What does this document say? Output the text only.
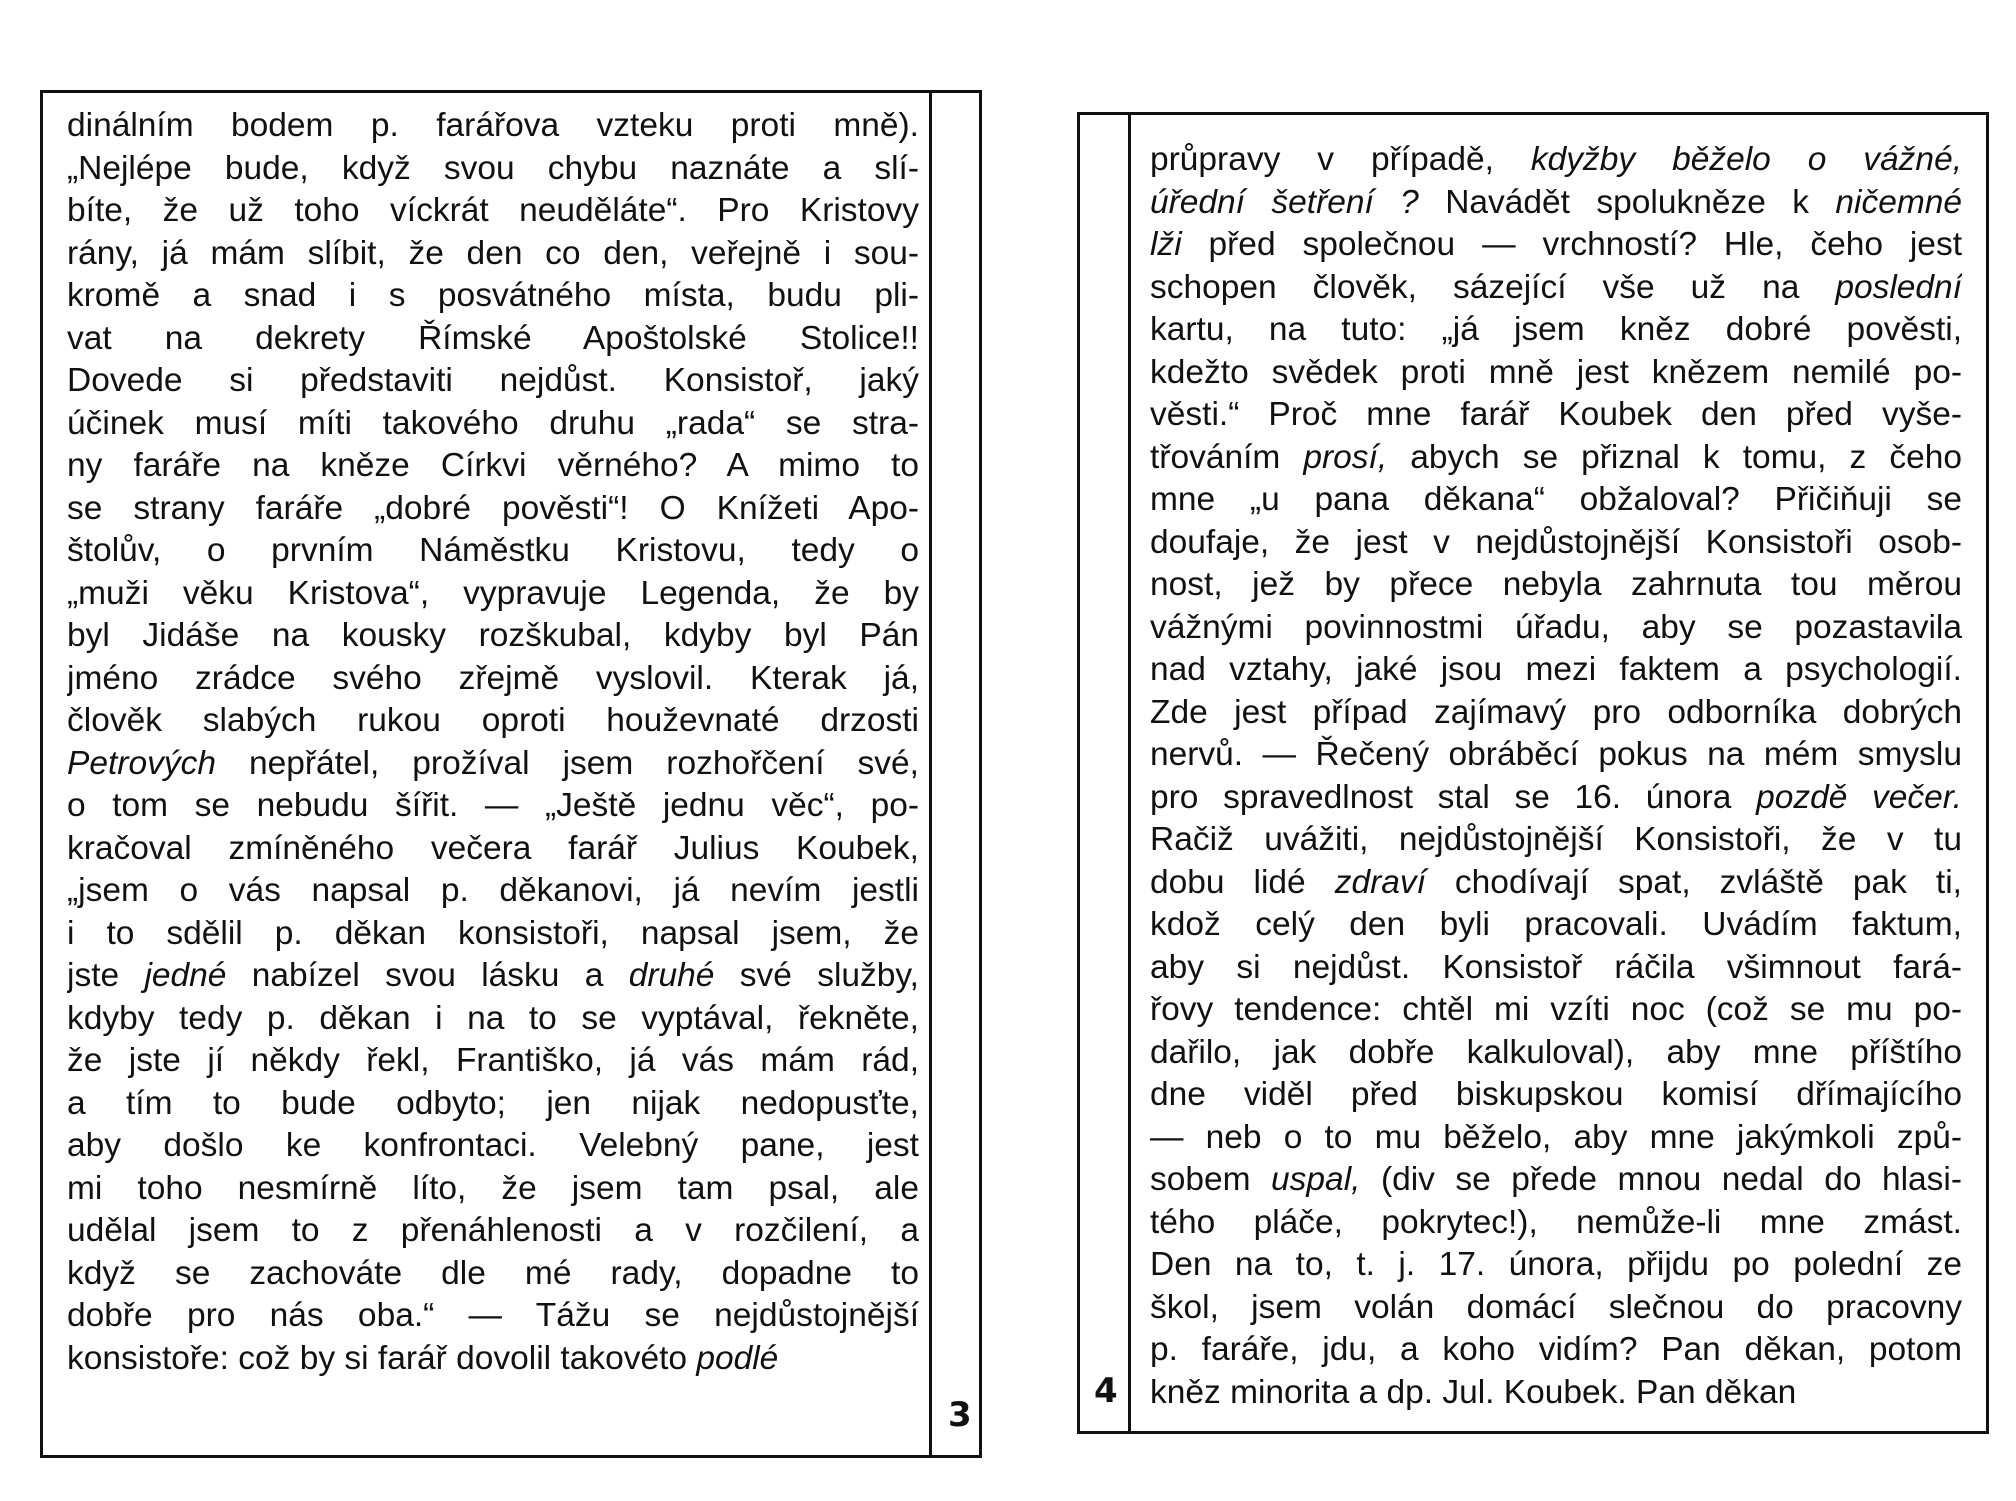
dinálním bodem p. farářova vzteku proti mně).
„Nejlépe bude, když svou chybu naznáte a slí-
bíte, že už toho víckrát neuděláte“. Pro Kristovy
rány, já mám slíbit, že den co den, veřejně i sou-
kromě a snad i s posvátného místa, budu pli-
vat na dekrety Římské Apoštolské Stolice!!
Dovede si představiti nejdůst. Konsistoř, jaký
účinek musí míti takového druhu „rada“ se stra-
ny faráře na kněze Církvi věrného? A mimo to
se strany faráře „dobré pověsti“! O Knížeti Apo-
štolův, o prvním Náměstku Kristovu, tedy o
„muži věku Kristova“, vypravuje Legenda, že by
byl Jidáše na kousky rozškubal, kdyby byl Pán
jméno zrádce svého zřejmě vyslovil. Kterak já,
člověk slabých rukou oproti houževnaté drzosti
Petrových nepřátel, prožíval jsem rozhořčení své,
o tom se nebudu šířit. — „Ještě jednu věc“, po-
kračoval zmíněného večera farář Julius Koubek,
„jsem o vás napsal p. děkanovi, já nevím jestli
i to sdělil p. děkan konsistoři, napsal jsem, že
jste jedné nabízel svou lásku a druhé své služby,
kdyby tedy p. děkan i na to se vyptával, řekněte,
že jste jí někdy řekl, Františko, já vás mám rád,
a tím to bude odbyto; jen nijak nedopusťte,
aby došlo ke konfrontaci. Velebný pane, jest
mi toho nesmírně líto, že jsem tam psal, ale
udělal jsem to z přenáhlenosti a v rozčilení, a
když se zachováte dle mé rady, dopadne to
dobře pro nás oba.“ — Tážu se nejdůstojnější
konsistoře: což by si farář dovolil takovéto podlé
3
4
průpravy v případě, kdyžby běželo o vážné,
úřední šetření ? Navádět spolukněze k ničemné
lži před společnou — vrchností? Hle, čeho jest
schopen člověk, sázející vše už na poslední
kartu, na tuto: „já jsem kněz dobré pověsti,
kdežto svědek proti mně jest knězem nemilé po-
věsti.“ Proč mne farář Koubek den před vyše-
třováním prosí, abych se přiznal k tomu, z čeho
mne „u pana děkana“ obžaloval? Přičiňuji se
doufaje, že jest v nejdůstojnější Konsistoři osob-
nost, jež by přece nebyla zahrnuta tou měrou
vážnými povinnostmi úřadu, aby se pozastavila
nad vztahy, jaké jsou mezi faktem a psychologií.
Zde jest případ zajímavý pro odborníka dobrých
nervů. — Řečený obráběcí pokus na mém smyslu
pro spravedlnost stal se 16. února pozdě večer.
Račiž uvážiti, nejdůstojnější Konsistoři, že v tu
dobu lidé zdraví chodívají spat, zvláště pak ti,
kdož celý den byli pracovali. Uvádím faktum,
aby si nejdůst. Konsistoř ráčila všimnout fará-
řovy tendence: chtěl mi vzíti noc (což se mu po-
dařilo, jak dobře kalkuloval), aby mne příštího
dne viděl před biskupskou komisí dřímajícího
— neb o to mu běželo, aby mne jakýmkoli způ-
sobem uspal, (div se přede mnou nedal do hlasi-
tého pláče, pokrytec!), nemůže-li mne zmást.
Den na to, t. j. 17. února, přijdu po polední ze
škol, jsem volán domácí slečnou do pracovny
p. faráře, jdu, a koho vidím? Pan děkan, potom
kněz minorita a dp. Jul. Koubek. Pan děkan
